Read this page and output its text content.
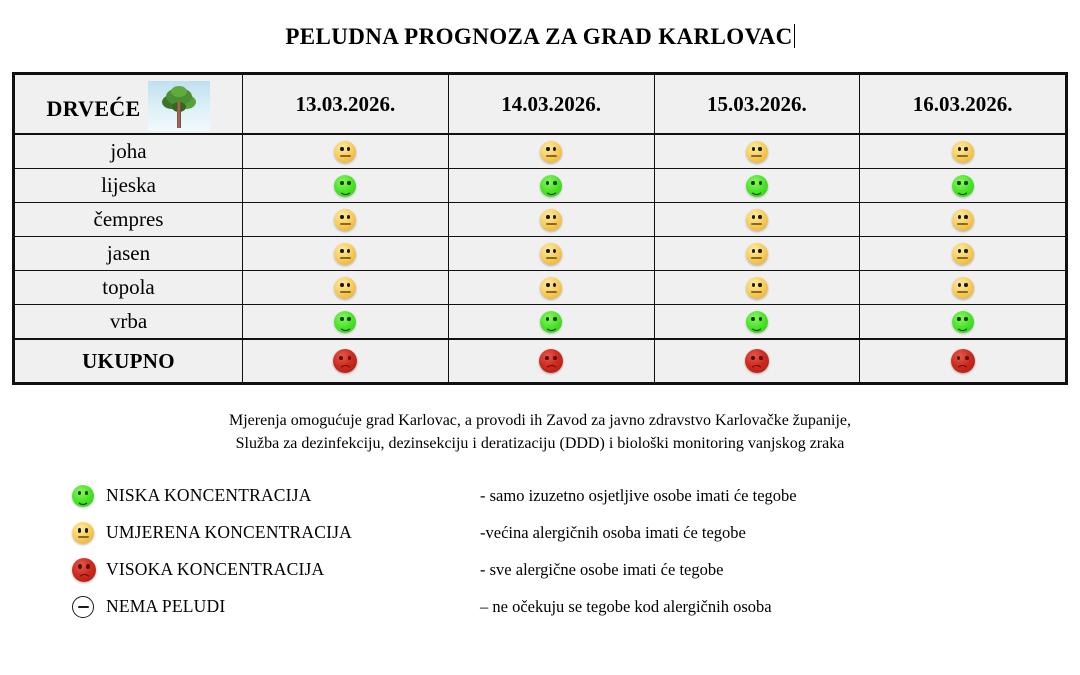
PELUDNA PROGNOZA ZA GRAD KARLOVAC
DRVEĆE	13.03.2026.	14.03.2026.	15.03.2026.	16.03.2026.
joha	

lijeska	

čempres	

jasen	

topola	

vrba	

UKUPNO	

Mjerenja omogućuje grad Karlovac, a provodi ih Zavod za javno zdravstvo Karlovačke županije,
Služba za dezinfekciju, dezinsekciju i deratizaciju (DDD) i biološki monitoring vanjskog zraka
NISKA KONCENTRACIJA	- samo izuzetno osjetljive osobe imati će tegobe
UMJERENA KONCENTRACIJA	-većina alergičnih osoba imati će tegobe
VISOKA KONCENTRACIJA	- sve alergične osobe imati će tegobe
NEMA PELUDI	– ne očekuju se tegobe kod alergičnih osoba
